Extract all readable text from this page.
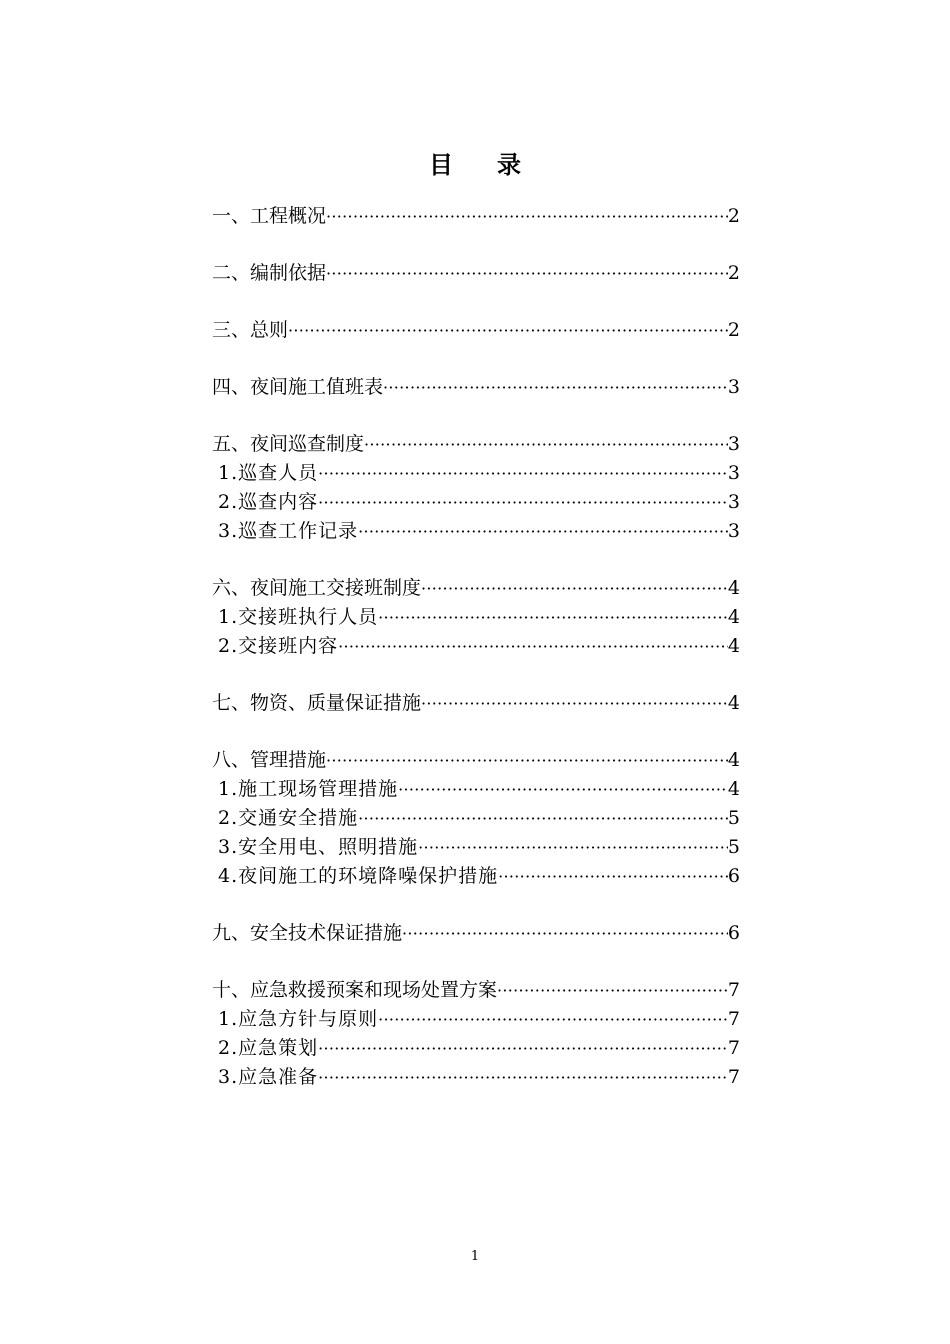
目录
一、工程概况 ·····	2
二、编制依据 ·····	2
三、总则 ·····	2
四、夜间施工值班表 ·····	3
五、夜间巡查制度 ·····	3
1.巡查人员 ·····	3
2.巡查内容 ·····	3
3.巡查工作记录 ·····	3
六、夜间施工交接班制度 ·····	4
1.交接班执行人员 ·····	4
2.交接班内容 ·····	4
七、物资、质量保证措施 ·····	4
八、管理措施 ·····	4
1.施工现场管理措施 ·····	4
2.交通安全措施 ·····	5
3.安全用电、照明措施 ·····	5
4.夜间施工的环境降噪保护措施 ·····	6
九、安全技术保证措施 ·····	6
十、应急救援预案和现场处置方案 ·····	7
1.应急方针与原则 ·····	7
2.应急策划 ·····	7
3.应急准备 ·····	7
1
